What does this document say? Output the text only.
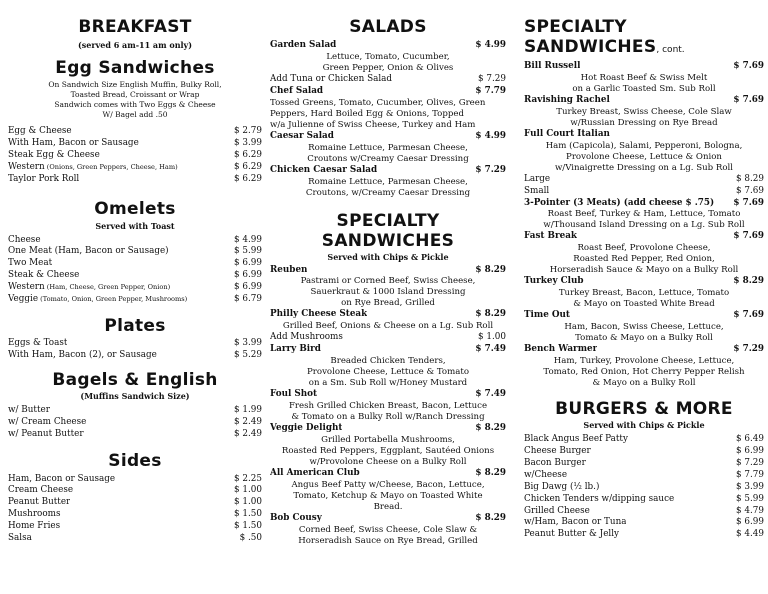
BREAKFAST
(served 6 am-11 am only)
Egg Sandwiches
On Sandwich Size English Muffin, Bulky Roll,
Toasted Bread, Croissant or Wrap
Sandwich comes with Two Eggs & Cheese
W/ Bagel add .50
Egg & Cheese	$ 2.79
With Ham, Bacon or Sausage	$ 3.99
Steak Egg & Cheese	$ 6.29
Western (Onions, Green Peppers, Cheese, Ham)	$ 6.29
Taylor Pork Roll	$ 6.29
Omelets
Served with Toast
Cheese	$ 4.99
One Meat (Ham, Bacon or Sausage)	$ 5.99
Two Meat	$ 6.99
Steak & Cheese	$ 6.99
Western (Ham, Cheese, Green Pepper, Onion)	$ 6.99
Veggie (Tomato, Onion, Green Pepper, Mushrooms)	$ 6.79
Plates
Eggs & Toast	$ 3.99
With Ham, Bacon (2), or Sausage	$ 5.29
Bagels & English
(Muffins Sandwich Size)
w/ Butter	$ 1.99
w/ Cream Cheese	$ 2.49
w/ Peanut Butter	$ 2.49
Sides
Ham, Bacon or Sausage	$ 2.25
Cream Cheese	$ 1.00
Peanut Butter	$ 1.00
Mushrooms	$ 1.50
Home Fries	$ 1.50
Salsa	$ .50
SALADS
Garden Salad	$ 4.99
Lettuce, Tomato, Cucumber,
Green Pepper, Onion & Olives
Add Tuna or Chicken Salad	$ 7.29
Chef Salad	$ 7.79
Tossed Greens, Tomato, Cucumber, Olives, Green
Peppers, Hard Boiled Egg & Onions, Topped
w/a Julienne of Swiss Cheese, Turkey and Ham
Caesar Salad	$ 4.99
Romaine Lettuce, Parmesan Cheese,
Croutons w/Creamy Caesar Dressing
Chicken Caesar Salad	$ 7.29
Romaine Lettuce, Parmesan Cheese,
Croutons, w/Creamy Caesar Dressing
SPECIALTY SANDWICHES
Served with Chips & Pickle
Reuben	$ 8.29
Pastrami or Corned Beef, Swiss Cheese,
Sauerkraut & 1000 Island Dressing
on Rye Bread, Grilled
Philly Cheese Steak	$ 8.29
Grilled Beef, Onions & Cheese on a Lg. Sub Roll
Add Mushrooms	$ 1.00
Larry Bird	$ 7.49
Breaded Chicken Tenders,
Provolone Cheese, Lettuce & Tomato
on a Sm. Sub Roll w/Honey Mustard
Foul Shot	$ 7.49
Fresh Grilled Chicken Breast, Bacon, Lettuce
& Tomato on a Bulky Roll w/Ranch Dressing
Veggie Delight	$ 8.29
Grilled Portabella Mushrooms,
Roasted Red Peppers, Eggplant, Sautéed Onions
w/Provolone Cheese on a Bulky Roll
All American Club	$ 8.29
Angus Beef Patty w/Cheese, Bacon, Lettuce,
Tomato, Ketchup & Mayo on Toasted White
Bread.
Bob Cousy	$ 8.29
Corned Beef, Swiss Cheese, Cole Slaw &
Horseradish Sauce on Rye Bread, Grilled
SPECIALTY SANDWICHES, cont.
Bill Russell	$ 7.69
Hot Roast Beef & Swiss Melt
on a Garlic Toasted Sm. Sub Roll
Ravishing Rachel	$ 7.69
Turkey Breast, Swiss Cheese, Cole Slaw
w/Russian Dressing on Rye Bread
Full Court Italian
Ham (Capicola), Salami, Pepperoni, Bologna,
Provolone Cheese, Lettuce & Onion
w/Vinaigrette Dressing on a Lg. Sub Roll
Large	$ 8.29
Small	$ 7.69
3-Pointer (3 Meats) (add cheese $ .75)	$ 7.69
Roast Beef, Turkey & Ham, Lettuce, Tomato
w/Thousand Island Dressing on a Lg. Sub Roll
Fast Break	$ 7.69
Roast Beef, Provolone Cheese,
Roasted Red Pepper, Red Onion,
Horseradish Sauce & Mayo on a Bulky Roll
Turkey Club	$ 8.29
Turkey Breast, Bacon, Lettuce, Tomato
& Mayo on Toasted White Bread
Time Out	$ 7.69
Ham, Bacon, Swiss Cheese, Lettuce,
Tomato & Mayo on a Bulky Roll
Bench Warmer	$ 7.29
Ham, Turkey, Provolone Cheese, Lettuce,
Tomato, Red Onion, Hot Cherry Pepper Relish
& Mayo on a Bulky Roll
BURGERS & MORE
Served with Chips & Pickle
Black Angus Beef Patty	$ 6.49
Cheese Burger	$ 6.99
Bacon Burger	$ 7.29
w/Cheese	$ 7.79
Big Dawg (½ lb.)	$ 3.99
Chicken Tenders w/dipping sauce	$ 5.99
Grilled Cheese	$ 4.79
w/Ham, Bacon or Tuna	$ 6.99
Peanut Butter & Jelly	$ 4.49
